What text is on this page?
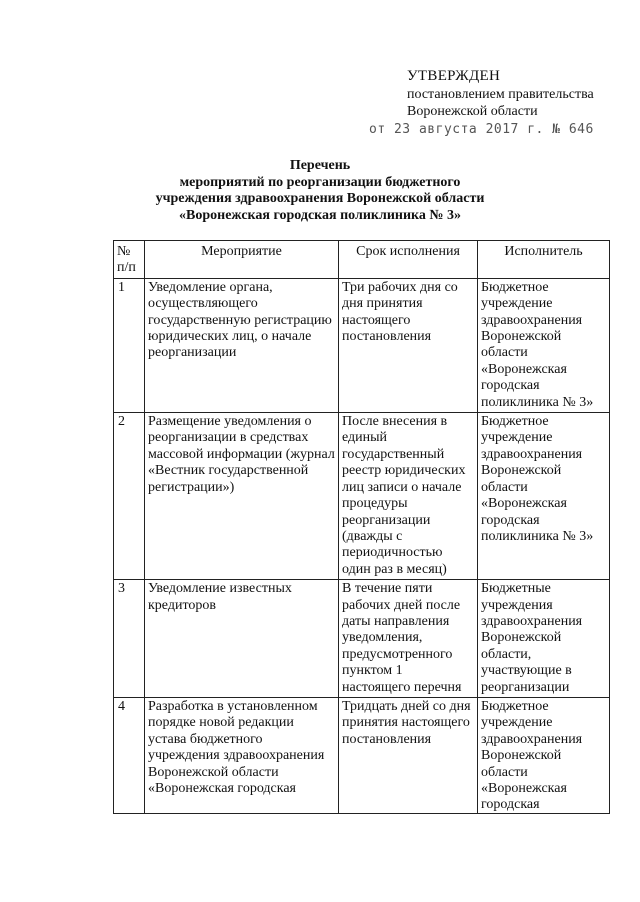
УТВЕРЖДЕН
постановлением правительства
Воронежской области
от 23 августа 2017 г. № 646
Перечень
мероприятий по реорганизации бюджетного
учреждения здравоохранения Воронежской области
«Воронежская городская поликлиника № 3»
№ п/п	Мероприятие	Срок исполнения	Исполнитель
1	Уведомление органа, осуществляющего государственную регистрацию юридических лиц, о начале реорганизации	Три рабочих дня со дня принятия настоящего постановления	Бюджетное учреждение здравоохранения Воронежской области «Воронежская городская поликлиника № 3»
2	Размещение уведомления о реорганизации в средствах массовой информации (журнал «Вестник государственной регистрации»)	После внесения в единый государственный реестр юридических лиц записи о начале процедуры реорганизации (дважды с периодичностью один раз в месяц)	Бюджетное учреждение здравоохранения Воронежской области «Воронежская городская поликлиника № 3»
3	Уведомление известных кредиторов	В течение пяти рабочих дней после даты направления уведомления, предусмотренного пунктом 1 настоящего перечня	Бюджетные учреждения здравоохранения Воронежской области, участвующие в реорганизации
4	Разработка в установленном порядке новой редакции устава бюджетного учреждения здравоохранения Воронежской области «Воронежская городская	Тридцать дней со дня принятия настоящего постановления	Бюджетное учреждение здравоохранения Воронежской области «Воронежская городская
